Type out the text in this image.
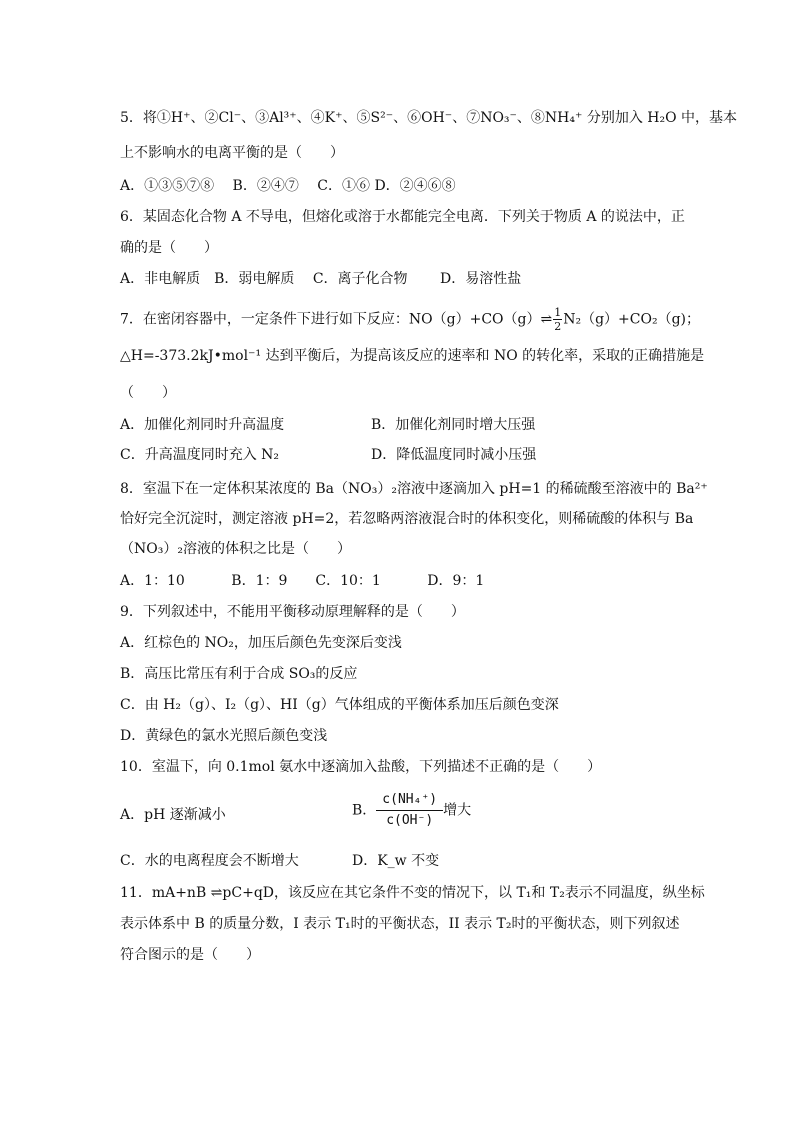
5．将①H⁺、②Cl⁻、③Al³⁺、④K⁺、⑤S²⁻、⑥OH⁻、⑦NO₃⁻、⑧NH₄⁺ 分别加入 H₂O 中，基本
上不影响水的电离平衡的是（　　）
A．①③⑤⑦⑧　 B．②④⑦　 C．①⑥ D．②④⑥⑧
6．某固态化合物 A 不导电，但熔化或溶于水都能完全电离．下列关于物质 A 的说法中，正
确的是（　　）
A．非电解质　B．弱电解质　 C．离子化合物　　 D．易溶性盐
7．在密闭容器中，一定条件下进行如下反应：NO（g）+CO（g）⇌ $\frac{1}{2} N_2(g)+CO_2(g)$；
△H=-373.2kJ•mol⁻¹ 达到平衡后，为提高该反应的速率和 NO 的转化率，采取的正确措施是
（　　）
A．加催化剂同时升高温度	B．加催化剂同时增大压强
C．升高温度同时充入 N₂	D．降低温度同时减小压强
8．室温下在一定体积某浓度的 Ba（NO₃）₂溶液中逐滴加入 pH=1 的稀硫酸至溶液中的 Ba²⁺
恰好完全沉淀时，测定溶液 pH=2，若忽略两溶液混合时的体积变化，则稀硫酸的体积与 Ba
（NO₃）₂溶液的体积之比是（　　）
A．1：10　　　 B．1：9　　C．10：1　　　 D．9：1
9．下列叙述中，不能用平衡移动原理解释的是（　　）
A．红棕色的 NO₂，加压后颜色先变深后变浅
B．高压比常压有利于合成 SO₃的反应
C．由 H₂（g）、I₂（g）、HI（g）气体组成的平衡体系加压后颜色变深
D．黄绿色的氯水光照后颜色变浅
10．室温下，向 0.1mol 氨水中逐滴加入盐酸，下列描述不正确的是（　　）
A．pH 逐渐减小	B． $\frac{\text{c(NH₄⁺)}}{c(OH^-)}$ 增大
C．水的电离程度会不断增大	D．K_w 不变
11．mA+nB ⇌pC+qD，该反应在其它条件不变的情况下，以 T₁和 T₂表示不同温度，纵坐标
表示体系中 B 的质量分数，I 表示 T₁时的平衡状态，II 表示 T₂时的平衡状态，则下列叙述
符合图示的是（　　）
